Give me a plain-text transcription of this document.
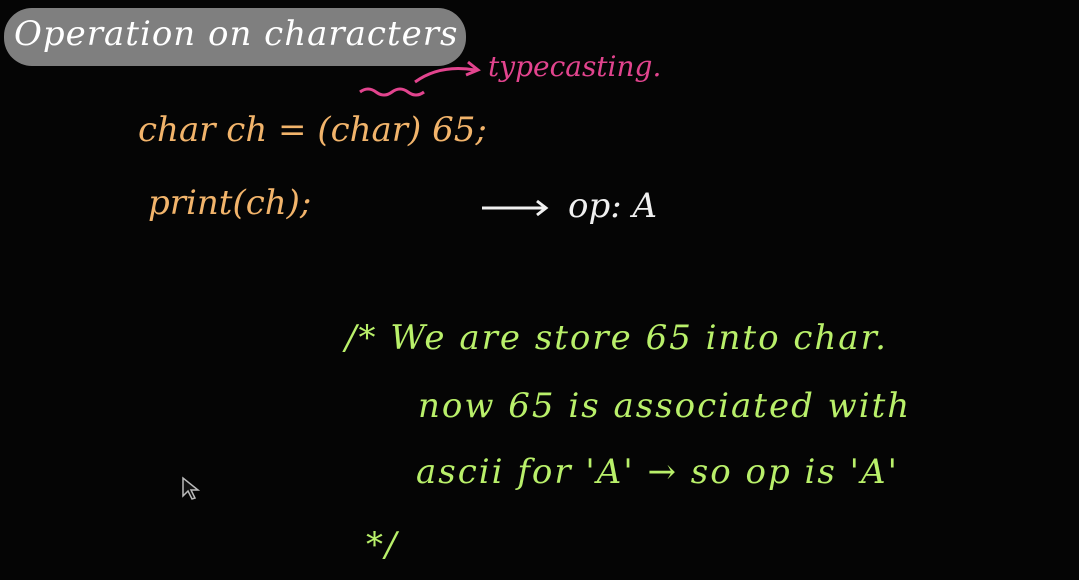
Operation on characters
typecasting.
char ch = (char) 65;
print(ch);	op: A
/* We are store 65 into char.
now 65 is associated with
ascii for 'A' → so op is 'A'
*/
